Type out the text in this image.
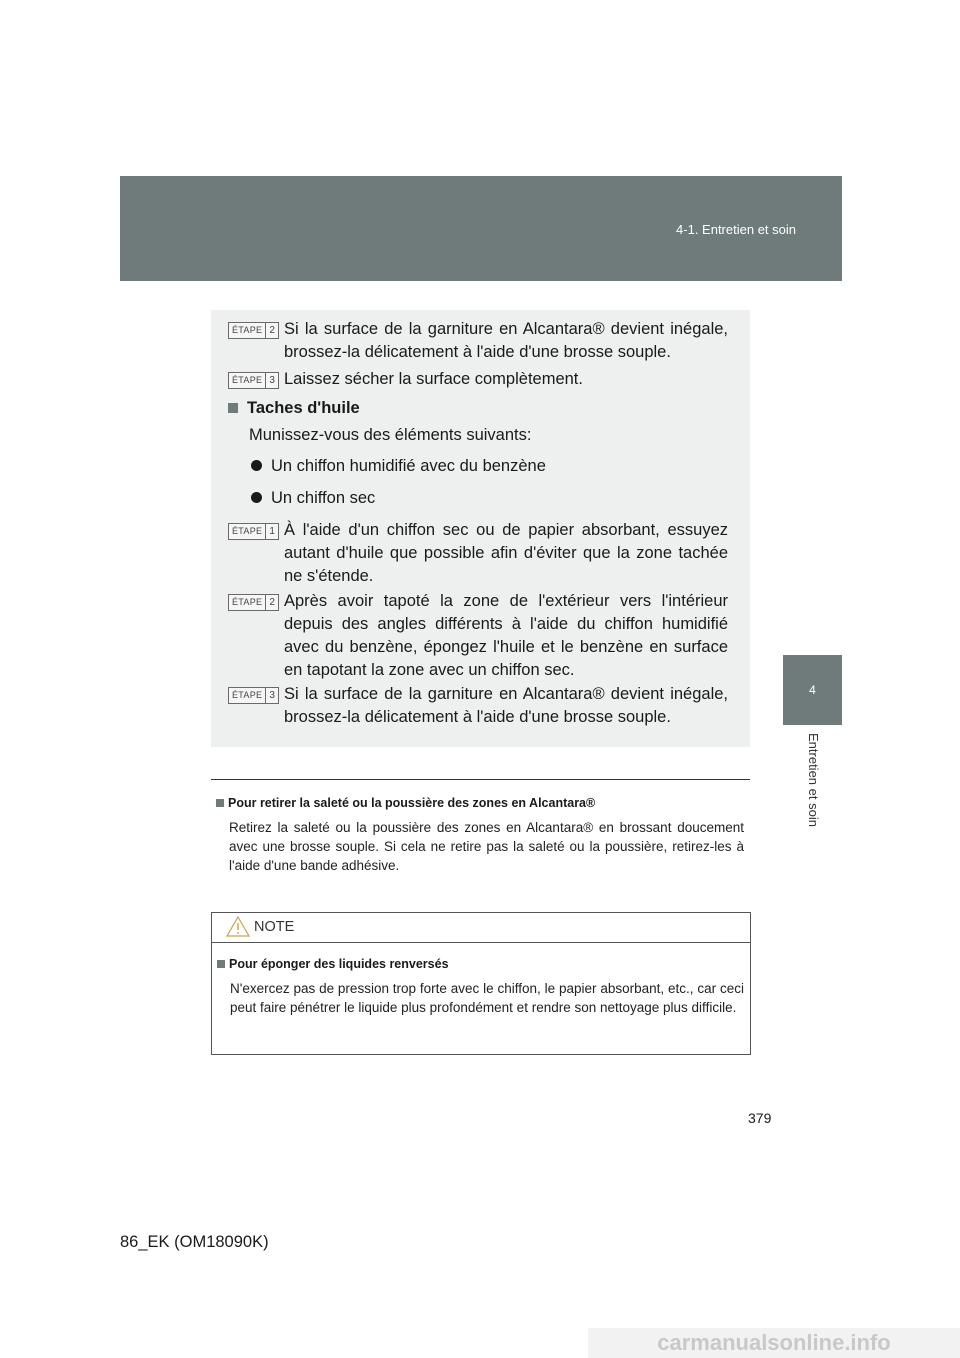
4-1. Entretien et soin
4
Entretien et soin
ÉTAPE 2 Si la surface de la garniture en Alcantara® devient inégale, brossez-la délicatement à l'aide d'une brosse souple.
ÉTAPE 3 Laissez sécher la surface complètement.
Taches d'huile
Munissez-vous des éléments suivants:
Un chiffon humidifié avec du benzène
Un chiffon sec
ÉTAPE 1 À l'aide d'un chiffon sec ou de papier absorbant, essuyez autant d'huile que possible afin d'éviter que la zone tachée ne s'étende.
ÉTAPE 2 Après avoir tapoté la zone de l'extérieur vers l'intérieur depuis des angles différents à l'aide du chiffon humidifié avec du benzène, épongez l'huile et le benzène en surface en tapotant la zone avec un chiffon sec.
ÉTAPE 3 Si la surface de la garniture en Alcantara® devient inégale, brossez-la délicatement à l'aide d'une brosse souple.
Pour retirer la saleté ou la poussière des zones en Alcantara®
Retirez la saleté ou la poussière des zones en Alcantara® en brossant doucement avec une brosse souple. Si cela ne retire pas la saleté ou la poussière, retirez-les à l'aide d'une bande adhésive.
NOTE
Pour éponger des liquides renversés
N'exercez pas de pression trop forte avec le chiffon, le papier absorbant, etc., car ceci peut faire pénétrer le liquide plus profondément et rendre son nettoyage plus difficile.
379
86_EK (OM18090K)
carmanualsonline.info
